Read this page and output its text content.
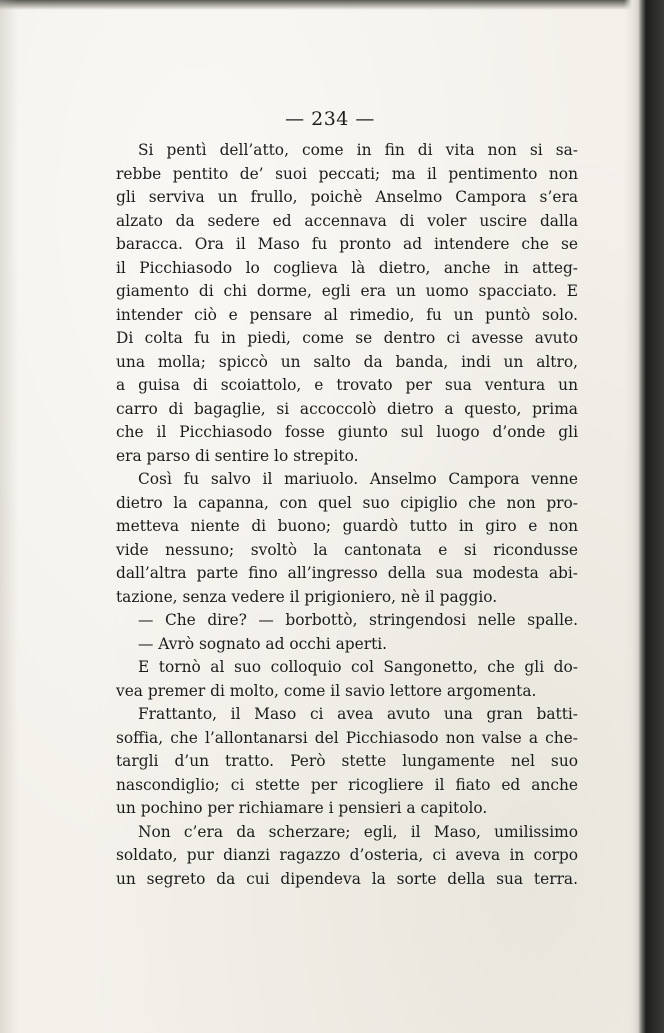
— 234 —
Si pentì dell’atto, come in fin di vita non si sa-
rebbe pentito de’ suoi peccati; ma il pentimento non
gli serviva un frullo, poichè Anselmo Campora s’era
alzato da sedere ed accennava di voler uscire dalla
baracca. Ora il Maso fu pronto ad intendere che se
il Picchiasodo lo coglieva là dietro, anche in atteg-
giamento di chi dorme, egli era un uomo spacciato. E
intender ciò e pensare al rimedio, fu un puntò solo.
Di colta fu in piedi, come se dentro ci avesse avuto
una molla; spiccò un salto da banda, indi un altro,
a guisa di scoiattolo, e trovato per sua ventura un
carro di bagaglie, si accoccolò dietro a questo, prima
che il Picchiasodo fosse giunto sul luogo d’onde gli
era parso di sentire lo strepito.
Così fu salvo il mariuolo. Anselmo Campora venne
dietro la capanna, con quel suo cipiglio che non pro-
metteva niente di buono; guardò tutto in giro e non
vide nessuno; svoltò la cantonata e si ricondusse
dall’altra parte fino all’ingresso della sua modesta abi-
tazione, senza vedere il prigioniero, nè il paggio.
— Che dire? — borbottò, stringendosi nelle spalle.
— Avrò sognato ad occhi aperti.
E tornò al suo colloquio col Sangonetto, che gli do-
vea premer di molto, come il savio lettore argomenta.
Frattanto, il Maso ci avea avuto una gran batti-
soffia, che l’allontanarsi del Picchiasodo non valse a che-
targli d’un tratto. Però stette lungamente nel suo
nascondiglio; ci stette per ricogliere il fiato ed anche
un pochino per richiamare i pensieri a capitolo.
Non c’era da scherzare; egli, il Maso, umilissimo
soldato, pur dianzi ragazzo d’osteria, ci aveva in corpo
un segreto da cui dipendeva la sorte della sua terra.
